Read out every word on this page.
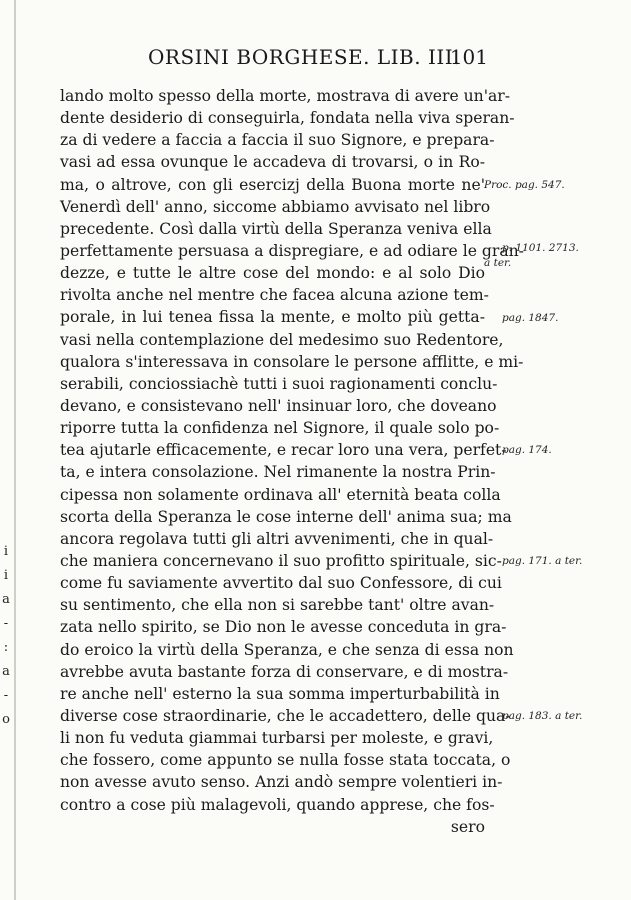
i
i
a
-
:
a
-
o
ORSINI BORGHESE. LIB. III.
101
lando molto spesso della morte, mostrava di avere un'ar-
dente desiderio di conseguirla, fondata nella viva speran-
za di vedere a faccia a faccia il suo Signore, e prepara-
vasi ad essa ovunque le accadeva di trovarsi, o in Ro-
ma, o altrove, con gli esercizj della Buona morte ne'
Venerdì dell' anno, siccome abbiamo avvisato nel libro
precedente. Così dalla virtù della Speranza veniva ella
perfettamente persuasa a dispregiare, e ad odiare le gran-
dezze, e tutte le altre cose del mondo: e al solo Dio
rivolta anche nel mentre che facea alcuna azione tem-
porale, in lui tenea fissa la mente, e molto più getta-
vasi nella contemplazione del medesimo suo Redentore,
qualora s'interessava in consolare le persone afflitte, e mi-
serabili, conciossiachè tutti i suoi ragionamenti conclu-
devano, e consistevano nell' insinuar loro, che doveano
riporre tutta la confidenza nel Signore, il quale solo po-
tea ajutarle efficacemente, e recar loro una vera, perfet-
ta, e intera consolazione. Nel rimanente la nostra Prin-
cipessa non solamente ordinava all' eternità beata colla
scorta della Speranza le cose interne dell' anima sua; ma
ancora regolava tutti gli altri avvenimenti, che in qual-
che maniera concernevano il suo profitto spirituale, sic-
come fu saviamente avvertito dal suo Confessore, di cui
su sentimento, che ella non si sarebbe tant' oltre avan-
zata nello spirito, se Dio non le avesse conceduta in gra-
do eroico la virtù della Speranza, e che senza di essa non
avrebbe avuta bastante forza di conservare, e di mostra-
re anche nell' esterno la sua somma imperturbabilità in
diverse cose straordinarie, che le accadettero, delle qua-
li non fu veduta giammai turbarsi per moleste, e gravi,
che fossero, come appunto se nulla fosse stata toccata, o
non avesse avuto senso. Anzi andò sempre volentieri in-
contro a cose più malagevoli, quando apprese, che fos-
sero
Proc. pag. 547.
p. 1101. 2713.
a ter.
pag. 1847.
pag. 174.
pag. 171. a ter.
pag. 183. a ter.
